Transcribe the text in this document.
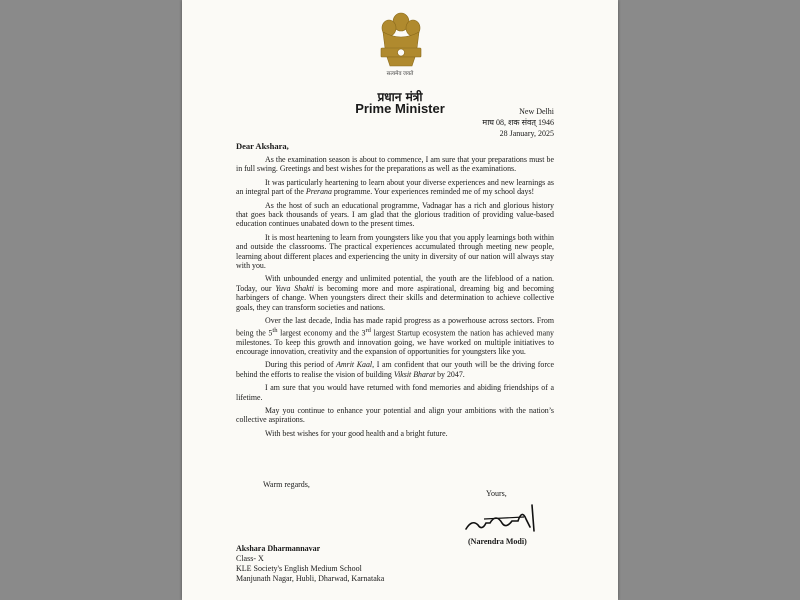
सत्यमेव जयते
प्रधान मंत्री
Prime Minister	New Delhi
माघ 08, शक संवत् 1946
28 January, 2025
Dear Akshara,

As the examination season is about to commence, I am sure that your preparations must be in full swing. Greetings and best wishes for the preparations as well as the examinations.

It was particularly heartening to learn about your diverse experiences and new learnings as an integral part of the Prerana programme. Your experiences reminded me of my school days!

As the host of such an educational programme, Vadnagar has a rich and glorious history that goes back thousands of years. I am glad that the glorious tradition of providing value-based education continues unabated down to the present times.

It is most heartening to learn from youngsters like you that you apply learnings both within and outside the classrooms. The practical experiences accumulated through meeting new people, learning about different places and experiencing the unity in diversity of our nation will always stay with you.

With unbounded energy and unlimited potential, the youth are the lifeblood of a nation. Today, our Yuva Shakti is becoming more and more aspirational, dreaming big and becoming harbingers of change. When youngsters direct their skills and determination to achieve collective goals, they can transform societies and nations.

Over the last decade, India has made rapid progress as a powerhouse across sectors. From being the 5th largest economy and the 3rd largest Startup ecosystem the nation has achieved many milestones. To keep this growth and innovation going, we have worked on multiple initiatives to encourage innovation, creativity and the expansion of opportunities for youngsters like you.

During this period of Amrit Kaal, I am confident that our youth will be the driving force behind the efforts to realise the vision of building Viksit Bharat by 2047.

I am sure that you would have returned with fond memories and abiding friendships of a lifetime.

May you continue to enhance your potential and align your ambitions with the nation’s collective aspirations.

With best wishes for your good health and a bright future.

Warm regards,
Yours,
(Narendra Modi)
Akshara Dharmannavar
Class- X
KLE Society's English Medium School
Manjunath Nagar, Hubli, Dharwad, Karnataka
